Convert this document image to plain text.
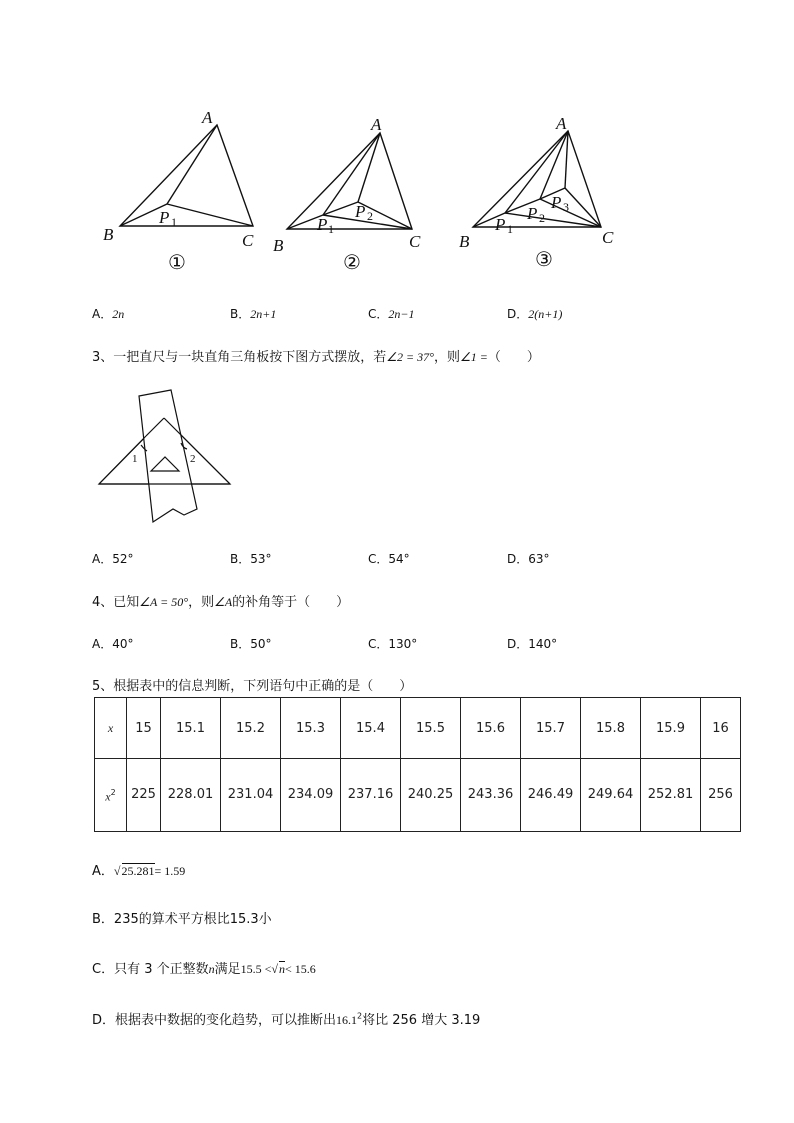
A
B	C
P
A
B	C
P
P
A
B	C
P
P
P
1	1
2
1
2
3
①	②	③
A．2n	B．2n+1	C．2n−1	D．2(n+1)
3、一把直尺与一块直角三角板按下图方式摆放，若∠2 = 37°，则∠1 =（　　）
1	2
A．52°	B．53°	C．54°	D．63°
4、已知∠A = 50°，则∠A的补角等于（　　）
A．40°	B．50°	C．130°	D．140°
5、根据表中的信息判断，下列语句中正确的是（　　）
x	15	15.1	15.2	15.3	15.4	15.5	15.6	15.7	15.8	15.9	16
$x^2$	225	228.01	231.04	234.09	237.16	240.25	243.36	246.49	249.64	252.81	256
A．√25.281= 1.59
B．235的算术平方根比15.3小
C．只有 3 个正整数n满足15.5 <√n< 15.6
D．根据表中数据的变化趋势，可以推断出16.1$^2$将比 256 增大 3.19
